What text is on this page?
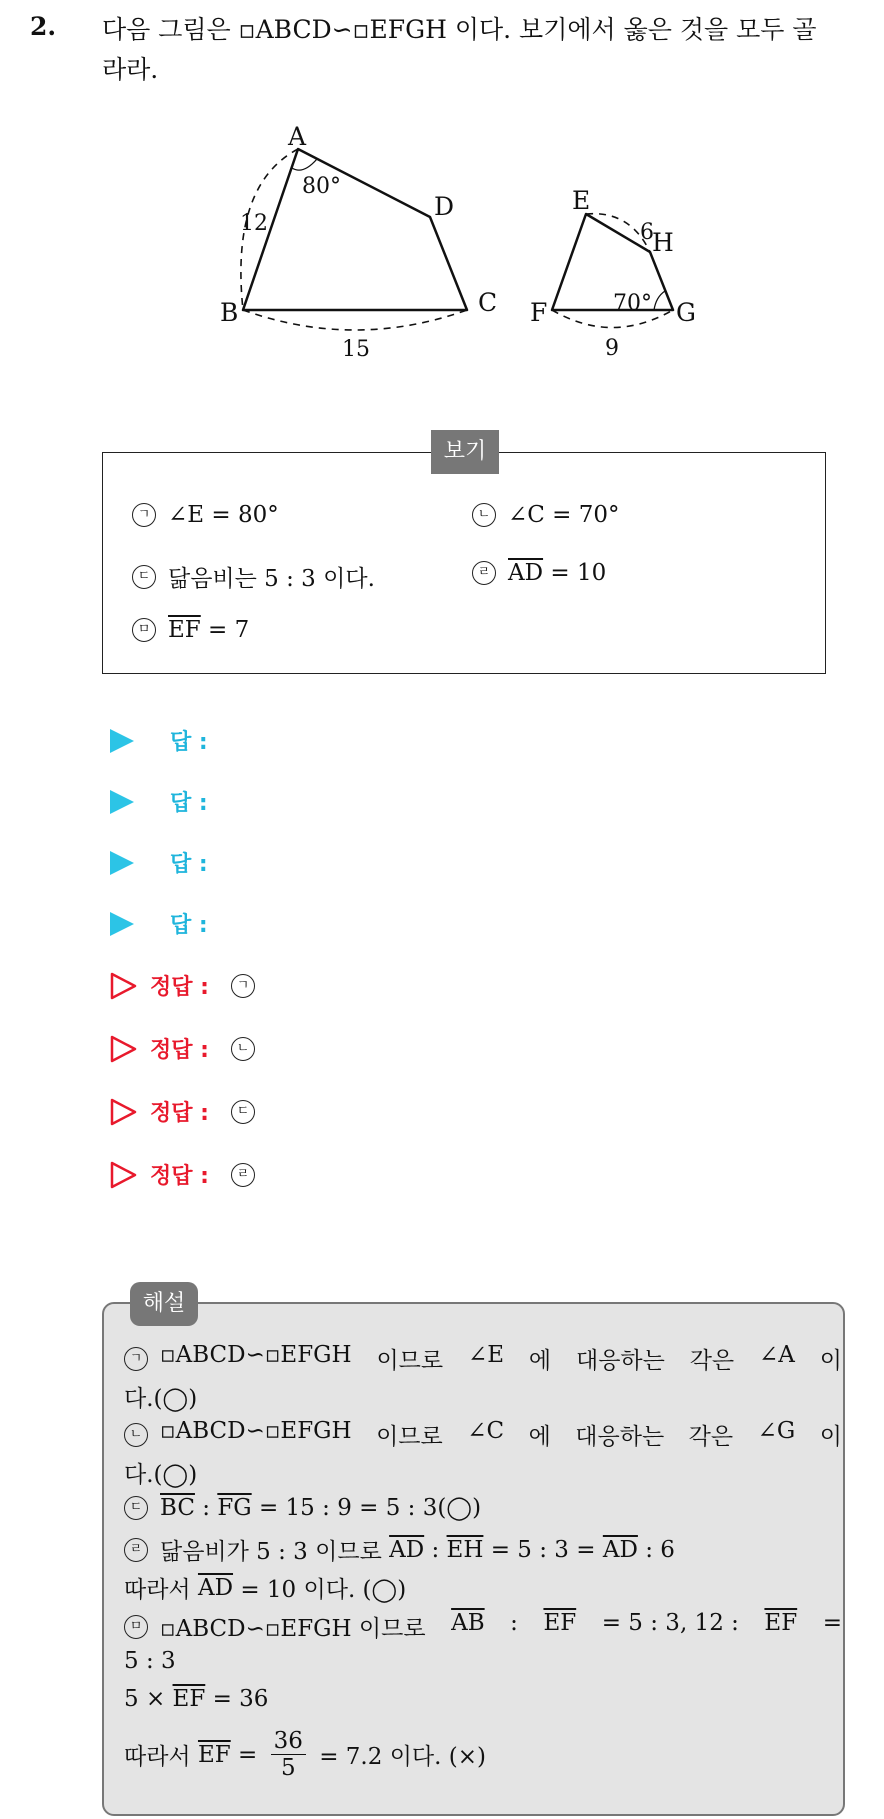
2. 다음 그림은 ▫ABCD∽▫EFGH 이다. 보기에서 옳은 것을 모두 골
라라.
A
B	C
D	E
F	G
H
80°
70°
12
15
6
9
보기
ㄱ ∠E = 80°	ㄴ ∠C = 70°
ㄷ 닮음비는 5 : 3 이다.	ㄹ $\overline{AD} = 10$
ㅁ $\overline{EF} = 7$
답 :
답 :
답 :
답 :
정답 :	ㄱ
정답 :	ㄴ
정답 :	ㄷ
정답 :	ㄹ
해설
ㄱ ▫ABCD∽▫EFGH 이므로 ∠E 에 대응하는 각은 ∠A 이
다.(◯)
ㄴ ▫ABCD∽▫EFGH 이므로 ∠C 에 대응하는 각은 ∠G 이
다.(◯)
ㄷ $\overline{BC}$ : $\overline{FG} = 15$ : 9 = 5 : 3(◯)
ㄹ 닮음비가 5 : 3 이므로 $\overline{AD}$ : $\overline{EH} = 5$ : $3 = \overline{AD}$ : 6
따라서 $\overline{AD} = 10$ 이다. (◯)
ㅁ ▫ABCD∽▫EFGH 이므로 $\overline{AB}$ : $\overline{EF} = 5$ : 3, 12 : $\overline{EF}$ =
5 : 3
$5 \times \overline{EF} = 36$
따라서 $\overline{EF} = \frac{36}{5} = 7.2$ 이다. (×)
